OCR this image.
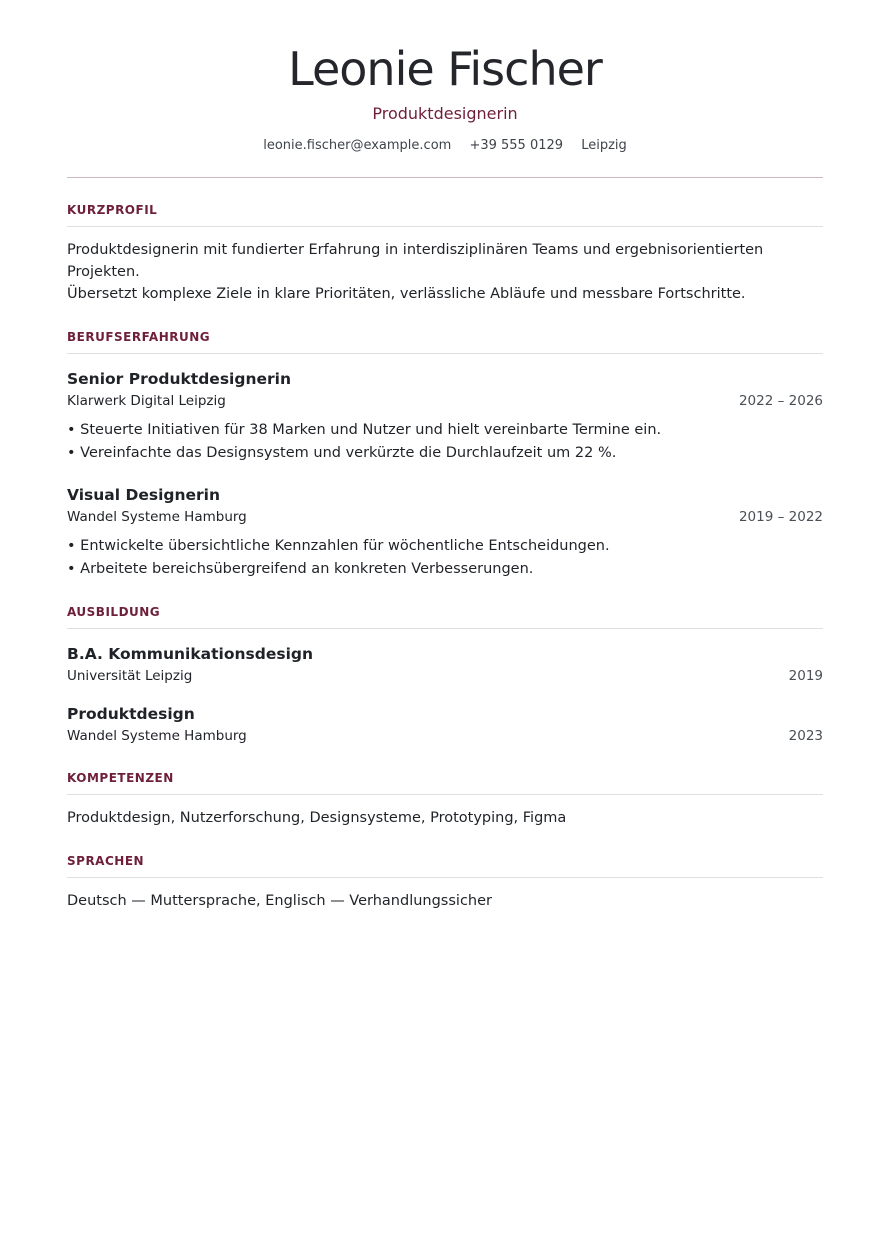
Leonie Fischer
Produktdesignerin
leonie.fischer@example.com +39 555 0129 Leipzig
KURZPROFIL
Produktdesignerin mit fundierter Erfahrung in interdisziplinären Teams und ergebnisorientierten Projekten.
Übersetzt komplexe Ziele in klare Prioritäten, verlässliche Abläufe und messbare Fortschritte.
BERUFSERFAHRUNG
Senior Produktdesignerin
Klarwerk Digital Leipzig	2022 – 2026
• Steuerte Initiativen für 38 Marken und Nutzer und hielt vereinbarte Termine ein.
• Vereinfachte das Designsystem und verkürzte die Durchlaufzeit um 22 %.
Visual Designerin
Wandel Systeme Hamburg	2019 – 2022
• Entwickelte übersichtliche Kennzahlen für wöchentliche Entscheidungen.
• Arbeitete bereichsübergreifend an konkreten Verbesserungen.
AUSBILDUNG
B.A. Kommunikationsdesign
Universität Leipzig	2019
Produktdesign
Wandel Systeme Hamburg	2023
KOMPETENZEN
Produktdesign, Nutzerforschung, Designsysteme, Prototyping, Figma
SPRACHEN
Deutsch — Muttersprache, Englisch — Verhandlungssicher
